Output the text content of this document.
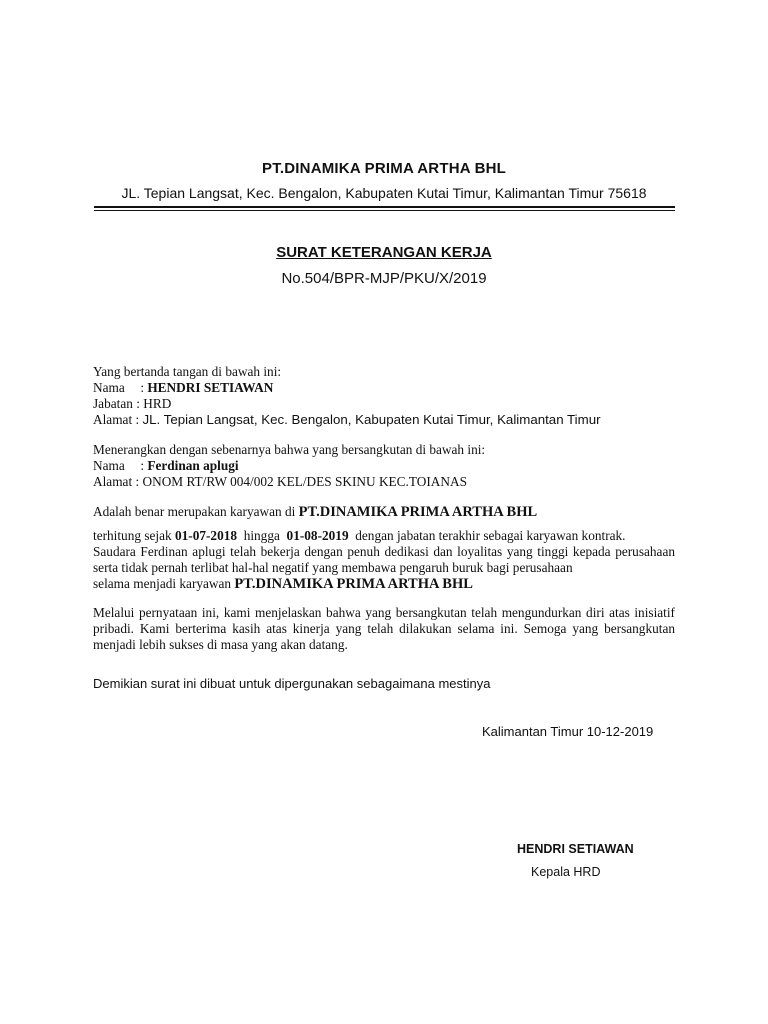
PT.DINAMIKA PRIMA ARTHA BHL
JL. Tepian Langsat, Kec. Bengalon, Kabupaten Kutai Timur, Kalimantan Timur 75618
SURAT KETERANGAN KERJA
No.504/BPR-MJP/PKU/X/2019

Yang bertanda tangan di bawah ini:

Nama : HENDRI SETIAWAN
Jabatan : HRD
Alamat : JL. Tepian Langsat, Kec. Bengalon, Kabupaten Kutai Timur, Kalimantan Timur

Menerangkan dengan sebenarnya bahwa yang bersangkutan di bawah ini:

Nama : Ferdinan aplugi
Alamat : ONOM RT/RW 004/002 KEL/DES SKINU KEC.TOIANAS
Adalah benar merupakan karyawan di
PT.DINAMIKA PRIMA ARTHA BHL
terhitung sejak
01-07-2018
hingga
01-08-2019
dengan jabatan terakhir sebagai karyawan kontrak.

Saudara Ferdinan aplugi telah bekerja dengan penuh dedikasi dan loyalitas yang tinggi kepada perusahaan serta tidak pernah terlibat hal-hal negatif yang membawa pengaruh buruk bagi perusahaan

selama menjadi karyawan
PT.DINAMIKA PRIMA ARTHA BHL

Melalui pernyataan ini, kami menjelaskan bahwa yang bersangkutan telah mengundurkan diri atas inisiatif pribadi. Kami berterima kasih atas kinerja yang telah dilakukan selama ini. Semoga yang bersangkutan menjadi lebih sukses di masa yang akan datang.

Demikian surat ini dibuat untuk dipergunakan sebagaimana mestinya
Kalimantan Timur 10-12-2019
HENDRI SETIAWAN
Kepala HRD
